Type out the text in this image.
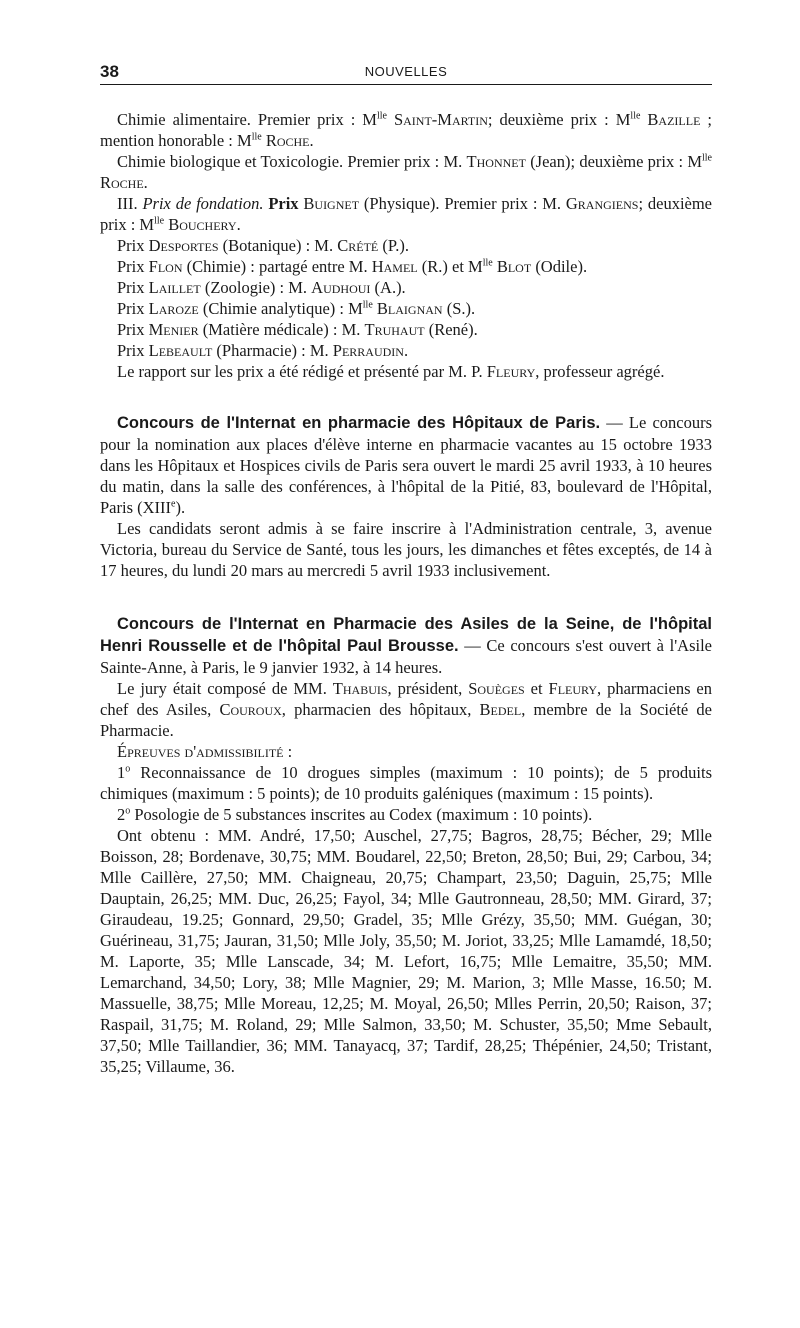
38	NOUVELLES

Chimie alimentaire. Premier prix : $M^{lle}$ Saint-Martin; deuxième prix : $M^{lle}$ Bazille ; mention honorable : $M^{lle}$ Roche.

Chimie biologique et Toxicologie. Premier prix : M. Thonnet (Jean); deuxième prix : $M^{lle}$ Roche.

III. Prix de fondation. Prix Buignet (Physique). Premier prix : M. Grangiens; deuxième prix : $M^{lle}$ Bouchery.

Prix Desportes (Botanique) : M. Crété (P.).

Prix Flon (Chimie) : partagé entre M. Hamel (R.) et $M^{lle}$ Blot (Odile).

Prix Laillet (Zoologie) : M. Audhoui (A.).

Prix Laroze (Chimie analytique) : $M^{lle}$ Blaignan (S.).

Prix Menier (Matière médicale) : M. Truhaut (René).

Prix Lebeault (Pharmacie) : M. Perraudin.

Le rapport sur les prix a été rédigé et présenté par M. P. Fleury, professeur agrégé.

Concours de l'Internat en pharmacie des Hôpitaux de Paris. — Le concours pour la nomination aux places d'élève interne en pharmacie vacantes au 15 octobre 1933 dans les Hôpitaux et Hospices civils de Paris sera ouvert le mardi 25 avril 1933, à 10 heures du matin, dans la salle des conférences, à l'hôpital de la Pitié, 83, boulevard de l'Hôpital, Paris (XIIIe).

Les candidats seront admis à se faire inscrire à l'Administration centrale, 3, avenue Victoria, bureau du Service de Santé, tous les jours, les dimanches et fêtes exceptés, de 14 à 17 heures, du lundi 20 mars au mercredi 5 avril 1933 inclusivement.

Concours de l'Internat en Pharmacie des Asiles de la Seine, de l'hôpital Henri Rousselle et de l'hôpital Paul Brousse. — Ce concours s'est ouvert à l'Asile Sainte-Anne, à Paris, le 9 janvier 1932, à 14 heures.

Le jury était composé de MM. Thabuis, président, Souèges et Fleury, pharmaciens en chef des Asiles, Couroux, pharmacien des hôpitaux, Bedel, membre de la Société de Pharmacie.

Épreuves d'admissibilité :

1$^o$ Reconnaissance de 10 drogues simples (maximum : 10 points); de 5 produits chimiques (maximum : 5 points); de 10 produits galéniques (maximum : 15 points).

2$^o$ Posologie de 5 substances inscrites au Codex (maximum : 10 points).

Ont obtenu : MM. André, 17,50; Auschel, 27,75; Bagros, 28,75; Bécher, 29; Mlle Boisson, 28; Bordenave, 30,75; MM. Boudarel, 22,50; Breton, 28,50; Bui, 29; Carbou, 34; Mlle Caillère, 27,50; MM. Chaigneau, 20,75; Champart, 23,50; Daguin, 25,75; Mlle Dauptain, 26,25; MM. Duc, 26,25; Fayol, 34; Mlle Gautronneau, 28,50; MM. Girard, 37; Giraudeau, 19.25; Gonnard, 29,50; Gradel, 35; Mlle Grézy, 35,50; MM. Guégan, 30; Guérineau, 31,75; Jauran, 31,50; Mlle Joly, 35,50; M. Joriot, 33,25; Mlle Lamamdé, 18,50; M. Laporte, 35; Mlle Lanscade, 34; M. Lefort, 16,75; Mlle Lemaitre, 35,50; MM. Lemarchand, 34,50; Lory, 38; Mlle Magnier, 29; M. Marion, 3; Mlle Masse, 16.50; M. Massuelle, 38,75; Mlle Moreau, 12,25; M. Moyal, 26,50; Mlles Perrin, 20,50; Raison, 37; Raspail, 31,75; M. Roland, 29; Mlle Salmon, 33,50; M. Schuster, 35,50; Mme Sebault, 37,50; Mlle Taillandier, 36; MM. Tanayacq, 37; Tardif, 28,25; Thépénier, 24,50; Tristant, 35,25; Villaume, 36.
